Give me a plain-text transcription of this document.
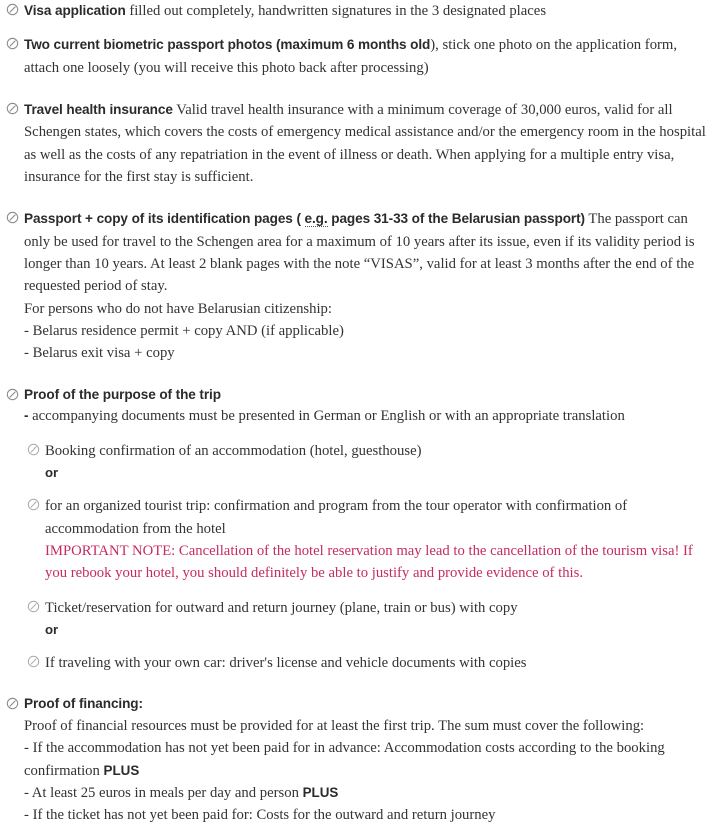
Visa application filled out completely, handwritten signatures in the 3 designated places
Two current biometric passport photos (maximum 6 months old), stick one photo on the application form, attach one loosely (you will receive this photo back after processing)
Travel health insurance Valid travel health insurance with a minimum coverage of 30,000 euros, valid for all Schengen states, which covers the costs of emergency medical assistance and/or the emergency room in the hospital as well as the costs of any repatriation in the event of illness or death. When applying for a multiple entry visa, insurance for the first stay is sufficient.
Passport + copy of its identification pages ( e.g. pages 31-33 of the Belarusian passport) The passport can only be used for travel to the Schengen area for a maximum of 10 years after its issue, even if its validity period is longer than 10 years. At least 2 blank pages with the note “VISAS”, valid for at least 3 months after the end of the requested period of stay.
For persons who do not have Belarusian citizenship:
- Belarus residence permit + copy AND (if applicable)
- Belarus exit visa + copy
Proof of the purpose of the trip
- accompanying documents must be presented in German or English or with an appropriate translation
Booking confirmation of an accommodation (hotel, guesthouse)
or
for an organized tourist trip: confirmation and program from the tour operator with confirmation of accommodation from the hotel
IMPORTANT NOTE: Cancellation of the hotel reservation may lead to the cancellation of the tourism visa! If you rebook your hotel, you should definitely be able to justify and provide evidence of this.
Ticket/reservation for outward and return journey (plane, train or bus) with copy
or
If traveling with your own car: driver's license and vehicle documents with copies
Proof of financing:
Proof of financial resources must be provided for at least the first trip. The sum must cover the following:
- If the accommodation has not yet been paid for in advance: Accommodation costs according to the booking confirmation PLUS
- At least 25 euros in meals per day and person PLUS
- If the ticket has not yet been paid for: Costs for the outward and return journey
